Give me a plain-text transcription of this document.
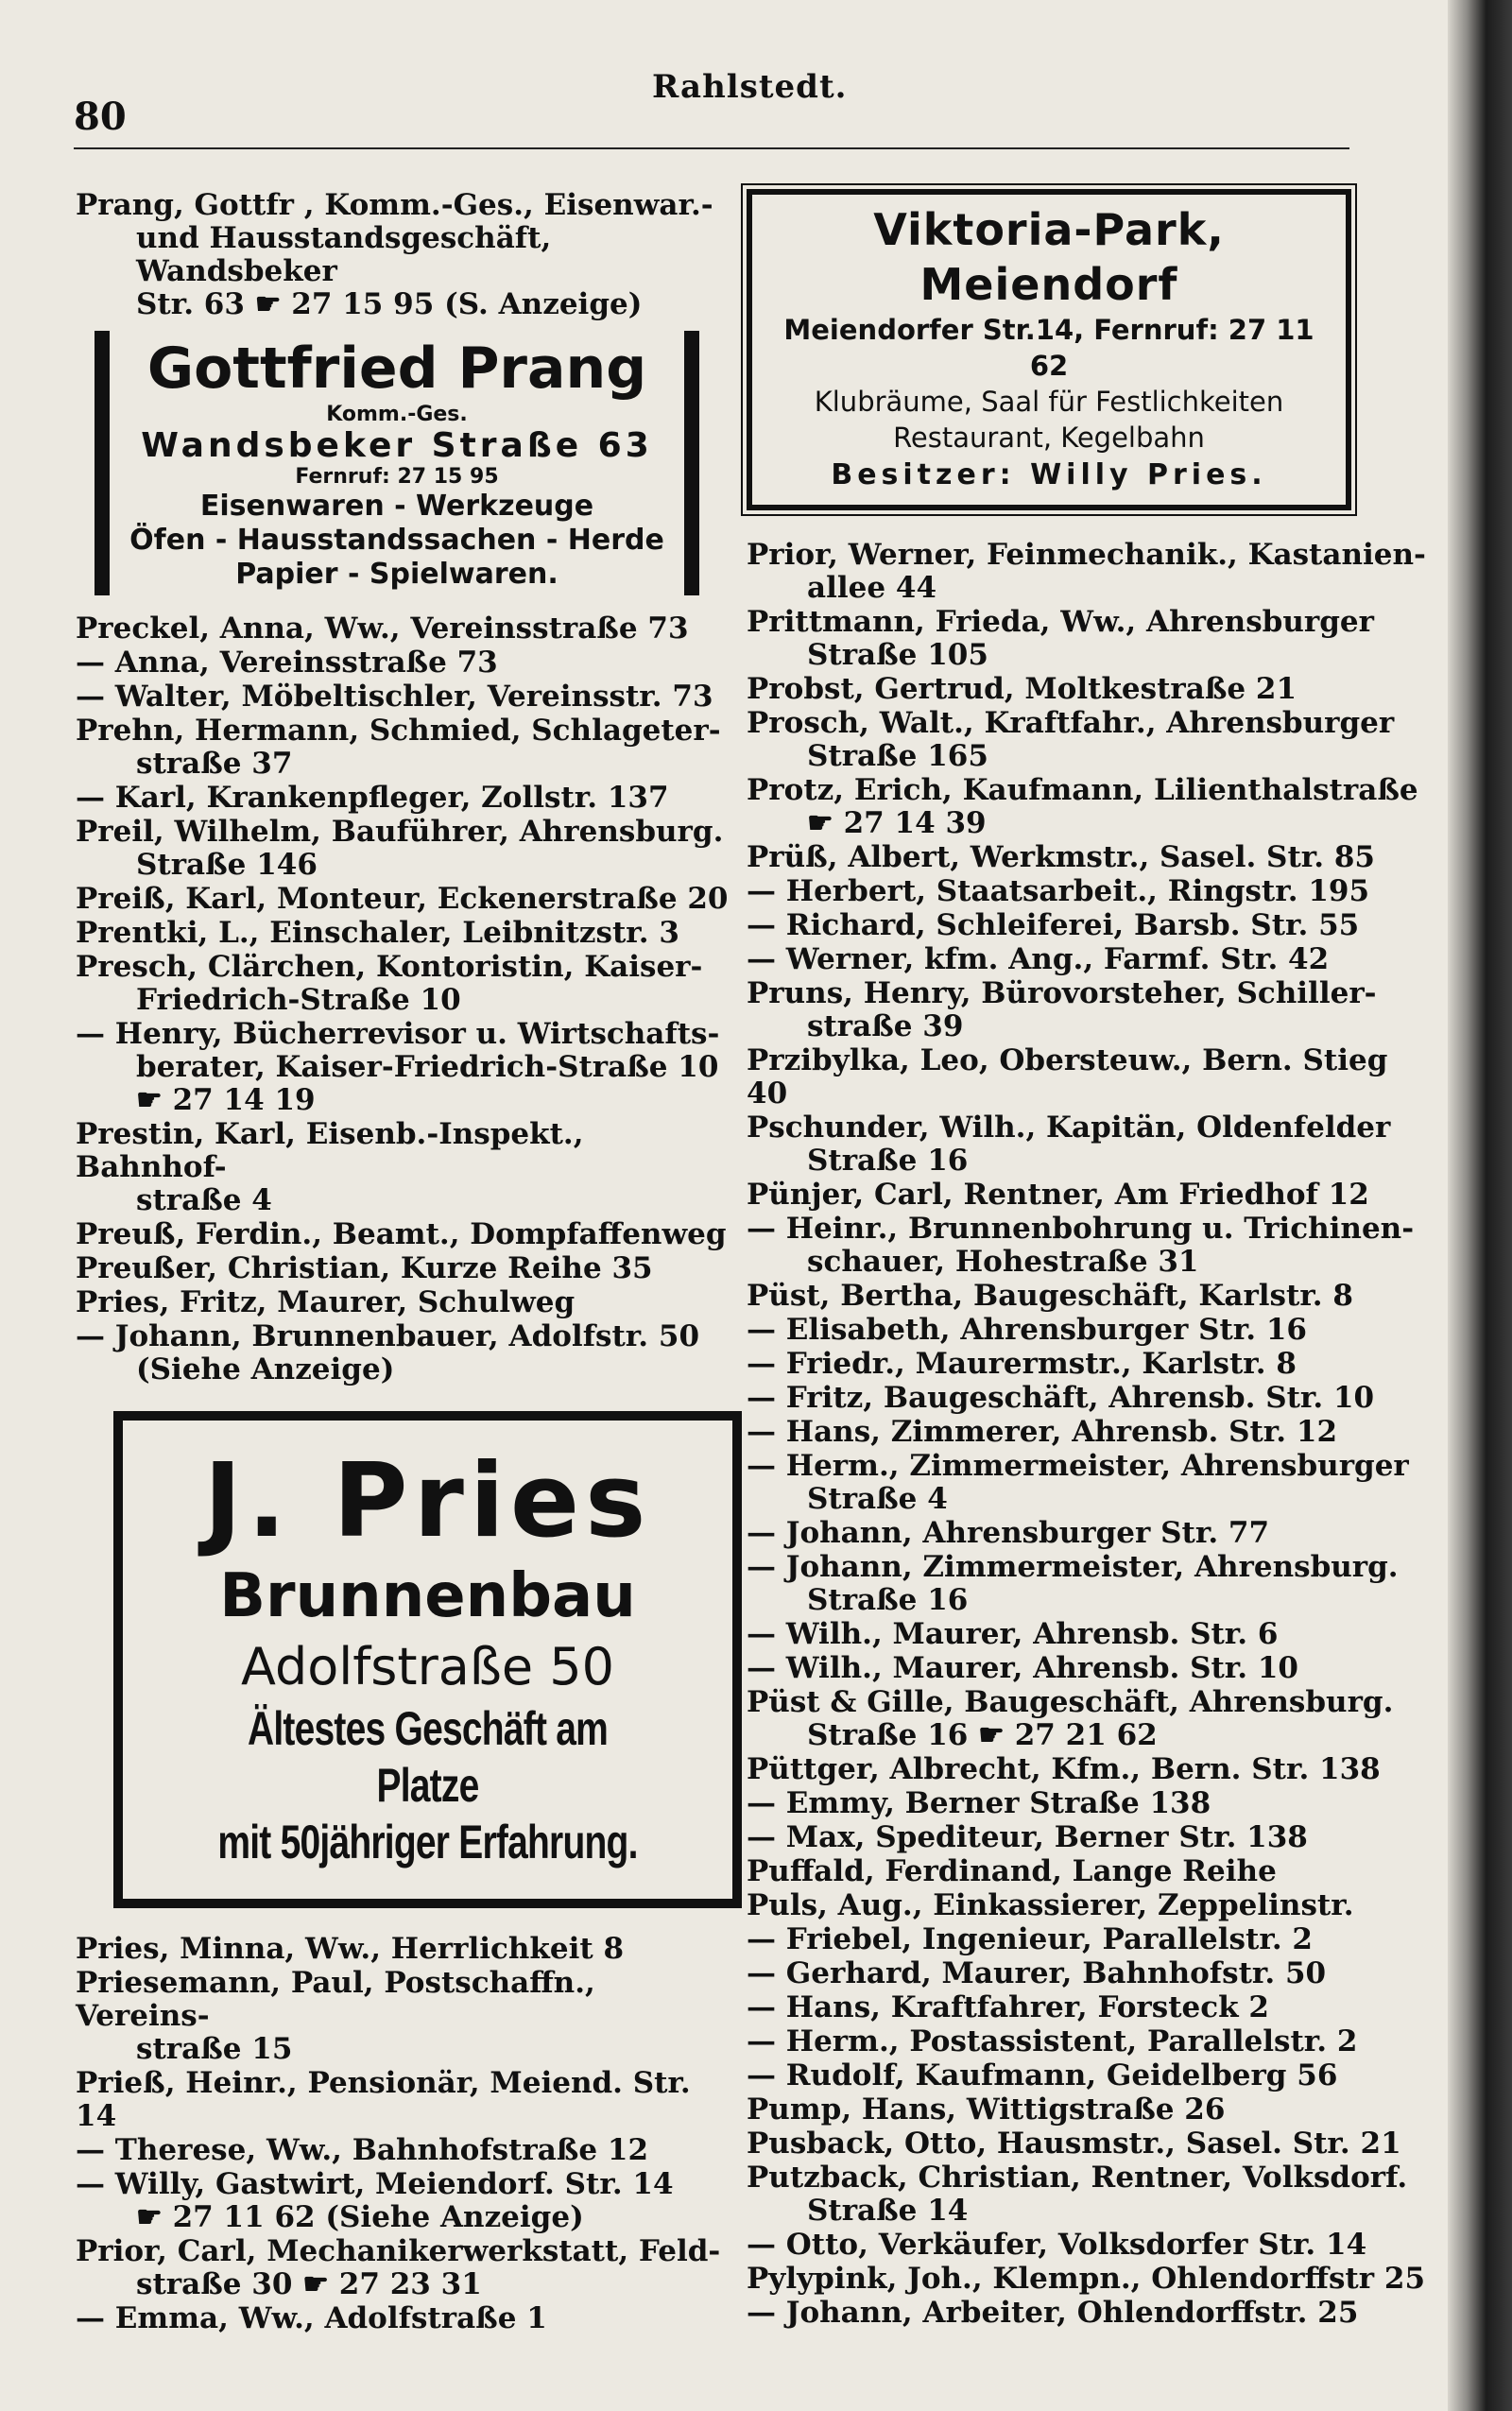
80
Rahlstedt.
Prang, Gottfr , Komm.-Ges., Eisenwar.-
und Hausstandsgeschäft, Wandsbeker
Str. 63 ☛ 27 15 95 (S. Anzeige)
Gottfried Prang
Komm.-Ges.
Wandsbeker Straße 63
Fernruf: 27 15 95
Eisenwaren - Werkzeuge
Öfen - Hausstandssachen - Herde
Papier - Spielwaren.
Preckel, Anna, Ww., Vereinsstraße 73
— Anna, Vereinsstraße 73
— Walter, Möbeltischler, Vereinsstr. 73
Prehn, Hermann, Schmied, Schlageter-
straße 37
— Karl, Krankenpfleger, Zollstr. 137
Preil, Wilhelm, Bauführer, Ahrensburg.
Straße 146
Preiß, Karl, Monteur, Eckenerstraße 20
Prentki, L., Einschaler, Leibnitzstr. 3
Presch, Clärchen, Kontoristin, Kaiser-
Friedrich-Straße 10
— Henry, Bücherrevisor u. Wirtschafts-
berater, Kaiser-Friedrich-Straße 10
☛ 27 14 19
Prestin, Karl, Eisenb.-Inspekt., Bahnhof-
straße 4
Preuß, Ferdin., Beamt., Dompfaffenweg
Preußer, Christian, Kurze Reihe 35
Pries, Fritz, Maurer, Schulweg
— Johann, Brunnenbauer, Adolfstr. 50
(Siehe Anzeige)
J. Pries
Brunnenbau
Adolfstraße 50
Ältestes Geschäft am Platze
mit 50jähriger Erfahrung.
Pries, Minna, Ww., Herrlichkeit 8
Priesemann, Paul, Postschaffn., Vereins-
straße 15
Prieß, Heinr., Pensionär, Meiend. Str. 14
— Therese, Ww., Bahnhofstraße 12
— Willy, Gastwirt, Meiendorf. Str. 14
☛ 27 11 62 (Siehe Anzeige)
Prior, Carl, Mechanikerwerkstatt, Feld-
straße 30 ☛ 27 23 31
— Emma, Ww., Adolfstraße 1
Viktoria-Park, Meiendorf
Meiendorfer Str.14, Fernruf: 27 11 62
Klubräume, Saal für Festlichkeiten
Restaurant, Kegelbahn
Besitzer: Willy Pries.
Prior, Werner, Feinmechanik., Kastanien-
allee 44
Prittmann, Frieda, Ww., Ahrensburger
Straße 105
Probst, Gertrud, Moltkestraße 21
Prosch, Walt., Kraftfahr., Ahrensburger
Straße 165
Protz, Erich, Kaufmann, Lilienthalstraße
☛ 27 14 39
Prüß, Albert, Werkmstr., Sasel. Str. 85
— Herbert, Staatsarbeit., Ringstr. 195
— Richard, Schleiferei, Barsb. Str. 55
— Werner, kfm. Ang., Farmf. Str. 42
Pruns, Henry, Bürovorsteher, Schiller-
straße 39
Przibylka, Leo, Obersteuw., Bern. Stieg 40
Pschunder, Wilh., Kapitän, Oldenfelder
Straße 16
Pünjer, Carl, Rentner, Am Friedhof 12
— Heinr., Brunnenbohrung u. Trichinen-
schauer, Hohestraße 31
Püst, Bertha, Baugeschäft, Karlstr. 8
— Elisabeth, Ahrensburger Str. 16
— Friedr., Maurermstr., Karlstr. 8
— Fritz, Baugeschäft, Ahrensb. Str. 10
— Hans, Zimmerer, Ahrensb. Str. 12
— Herm., Zimmermeister, Ahrensburger
Straße 4
— Johann, Ahrensburger Str. 77
— Johann, Zimmermeister, Ahrensburg.
Straße 16
— Wilh., Maurer, Ahrensb. Str. 6
— Wilh., Maurer, Ahrensb. Str. 10
Püst & Gille, Baugeschäft, Ahrensburg.
Straße 16 ☛ 27 21 62
Püttger, Albrecht, Kfm., Bern. Str. 138
— Emmy, Berner Straße 138
— Max, Spediteur, Berner Str. 138
Puffald, Ferdinand, Lange Reihe
Puls, Aug., Einkassierer, Zeppelinstr.
— Friebel, Ingenieur, Parallelstr. 2
— Gerhard, Maurer, Bahnhofstr. 50
— Hans, Kraftfahrer, Forsteck 2
— Herm., Postassistent, Parallelstr. 2
— Rudolf, Kaufmann, Geidelberg 56
Pump, Hans, Wittigstraße 26
Pusback, Otto, Hausmstr., Sasel. Str. 21
Putzback, Christian, Rentner, Volksdorf.
Straße 14
— Otto, Verkäufer, Volksdorfer Str. 14
Pylypink, Joh., Klempn., Ohlendorffstr 25
— Johann, Arbeiter, Ohlendorffstr. 25
